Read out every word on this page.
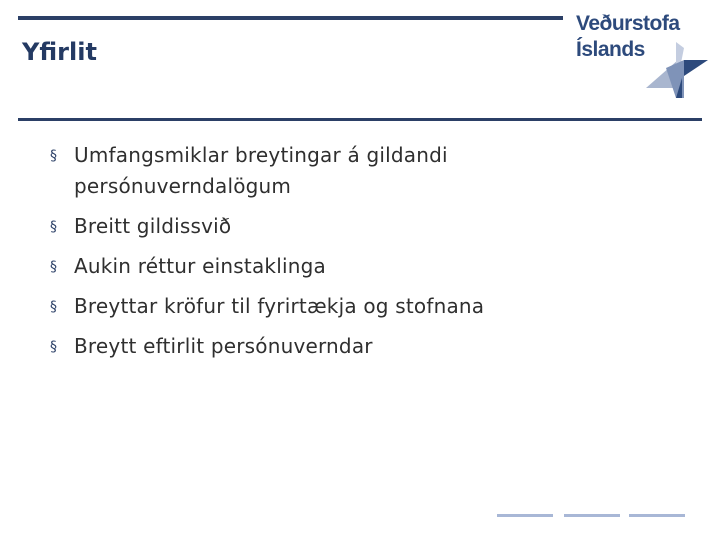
Yfirlit
Veðurstofa
Íslands
§ Umfangsmiklar breytingar á gildandi persónuverndalögum
§ Breitt gildissvið
§ Aukin réttur einstaklinga
§ Breyttar kröfur til fyrirtækja og stofnana
§ Breytt eftirlit persónuverndar
